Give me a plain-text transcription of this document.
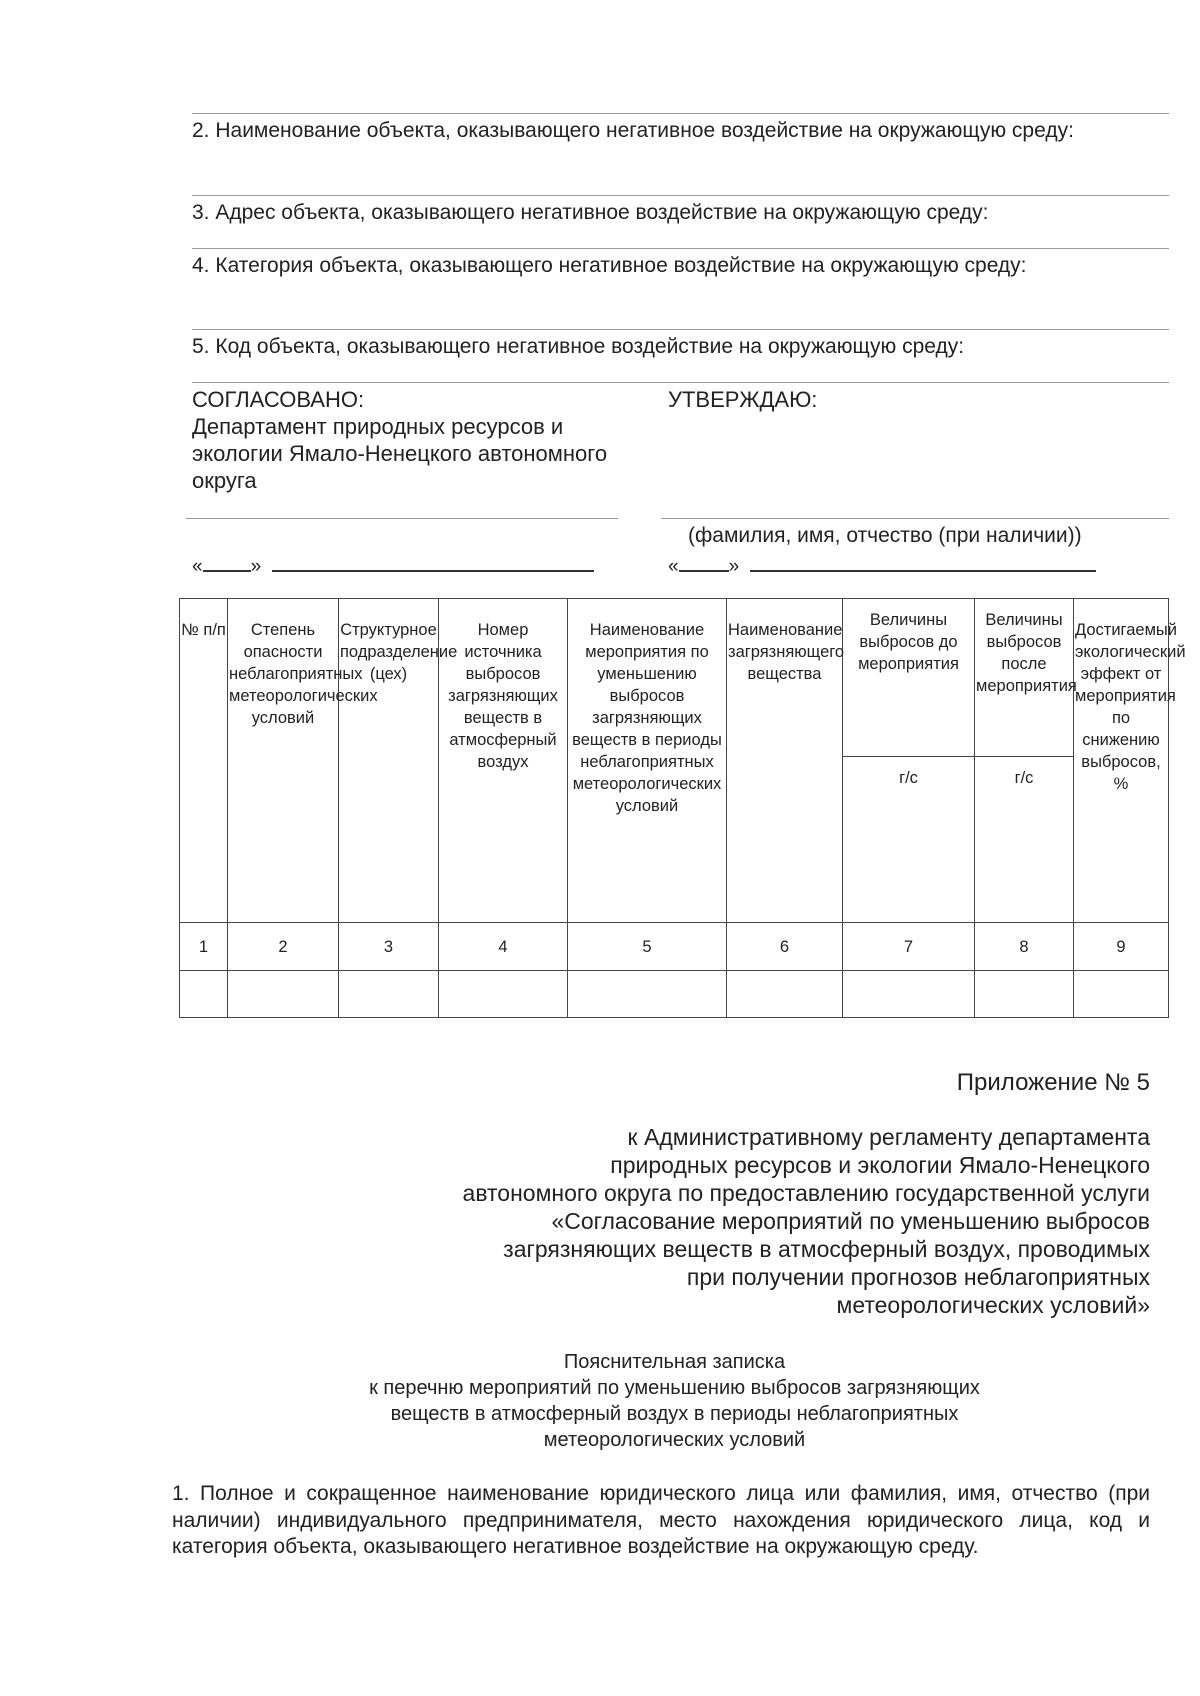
2. Наименование объекта, оказывающего негативное воздействие на окружающую среду:
3. Адрес объекта, оказывающего негативное воздействие на окружающую среду:
4. Категория объекта, оказывающего негативное воздействие на окружающую среду:
5. Код объекта, оказывающего негативное воздействие на окружающую среду:
СОГЛАСОВАНО:
Департамент природных ресурсов и экологии Ямало-Ненецкого автономного округа
УТВЕРЖДАЮ:
(фамилия, имя, отчество (при наличии))
«	»	«	»
№ п/п	Степень опасности неблагоприятных метеорологических условий	Структурное подразделение (цех)	Номер источника выбросов загрязняющих веществ в атмосферный воздух	Наименование мероприятия по уменьшению выбросов загрязняющих веществ в периоды неблагоприятных метеорологических условий	Наименование загрязняющего вещества	Величины выбросов до мероприятия	Величины выбросов после мероприятия	Достигаемый экологический эффект от мероприятия по снижению выбросов, %
						г/с	г/с	
1	2	3	4	5	6	7	8	9

Приложение № 5
к Административному регламенту департамента
природных ресурсов и экологии Ямало-Ненецкого
автономного округа по предоставлению государственной услуги
«Согласование мероприятий по уменьшению выбросов
загрязняющих веществ в атмосферный воздух, проводимых
при получении прогнозов неблагоприятных
метеорологических условий»
Пояснительная записка
к перечню мероприятий по уменьшению выбросов загрязняющих
веществ в атмосферный воздух в периоды неблагоприятных
метеорологических условий
1. Полное и сокращенное наименование юридического лица или фамилия, имя, отчество (при наличии) индивидуального предпринимателя, место нахождения юридического лица, код и категория объекта, оказывающего негативное воздействие на окружающую среду.
